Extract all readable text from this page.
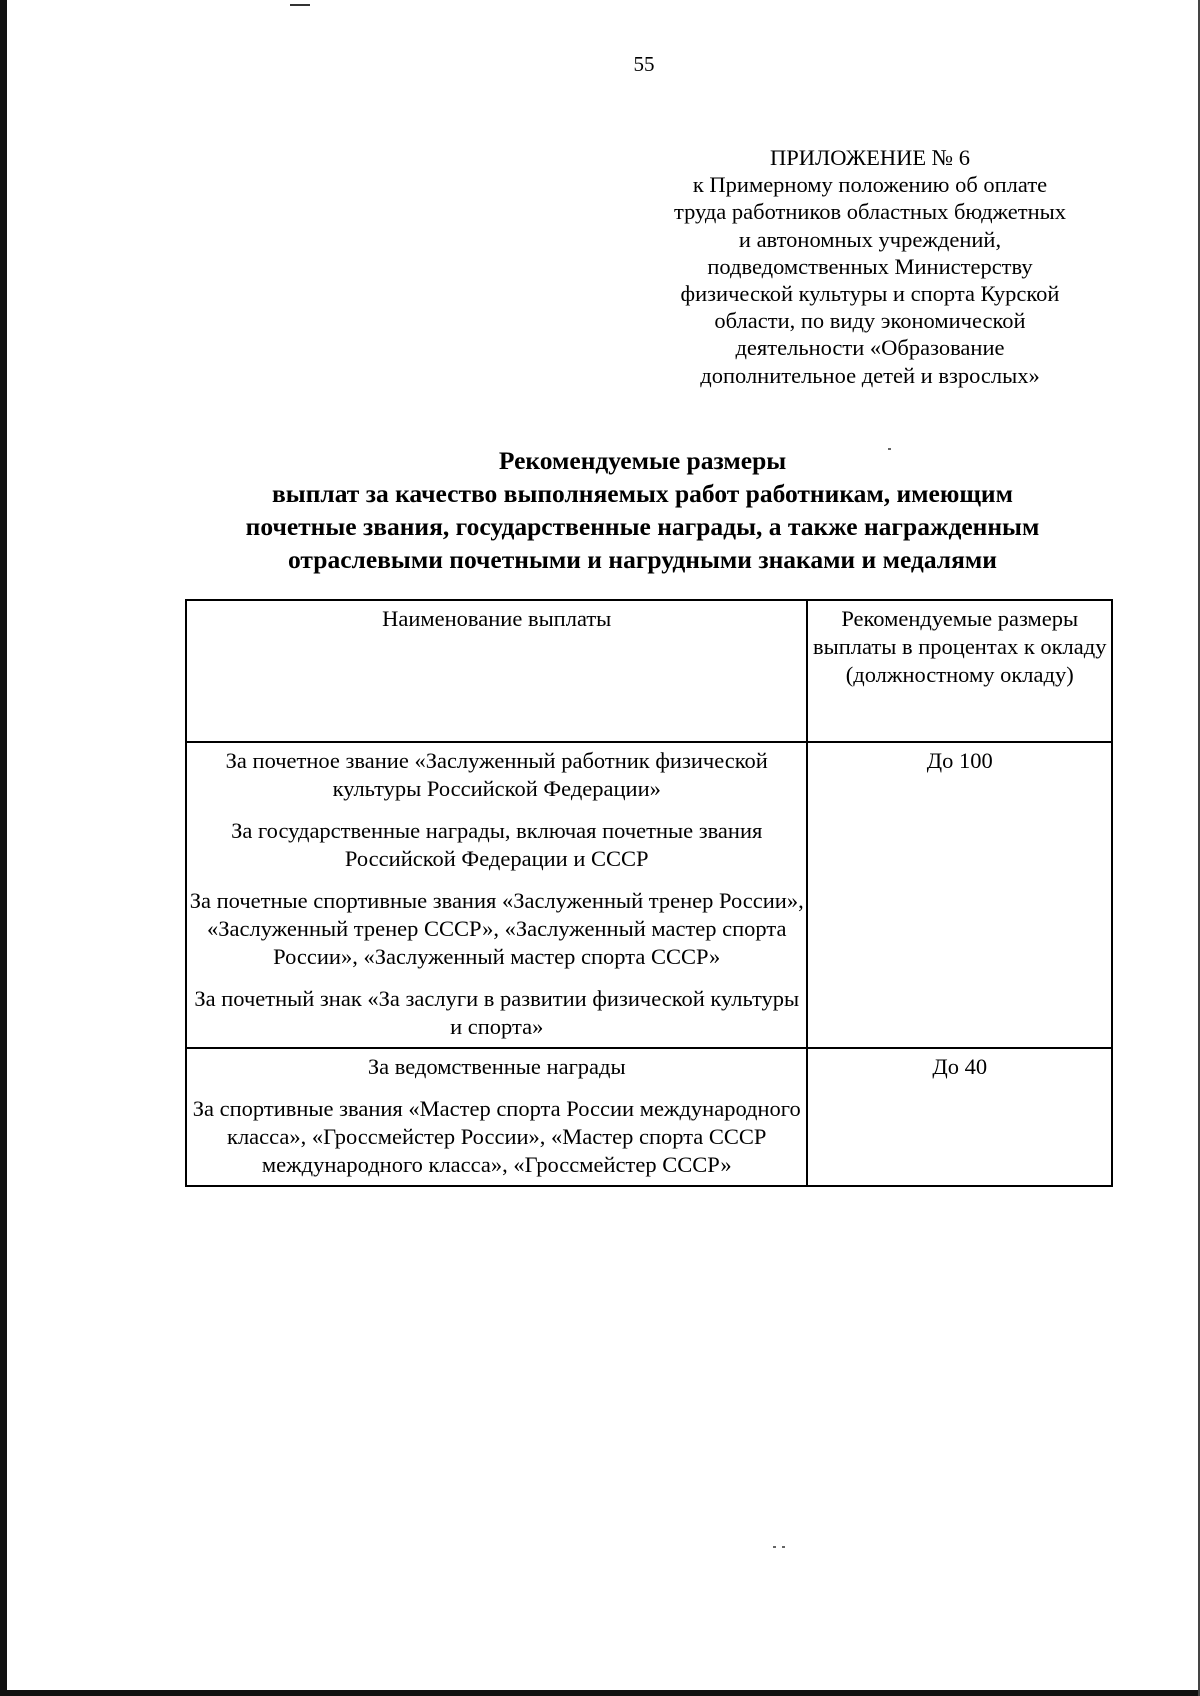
55
ПРИЛОЖЕНИЕ № 6
к Примерному положению об оплате
труда работников областных бюджетных
и автономных учреждений,
подведомственных Министерству
физической культуры и спорта Курской
области, по виду экономической
деятельности «Образование
дополнительное детей и взрослых»
Рекомендуемые размеры
выплат за качество выполняемых работ работникам, имеющим
почетные звания, государственные награды, а также награжденным
отраслевыми почетными и нагрудными знаками и медалями
Наименование выплаты	Рекомендуемые размеры выплаты в процентах к окладу (должностному окладу)

За почетное звание «Заслуженный работник физической культуры Российской Федерации»
За государственные награды, включая почетные звания Российской Федерации и СССР
За почетные спортивные звания «Заслуженный тренер России», «Заслуженный тренер СССР», «Заслуженный мастер спорта России», «Заслуженный мастер спорта СССР»
За почетный знак «За заслуги в развитии физической культуры и спорта»	До 100

За ведомственные награды
За спортивные звания «Мастер спорта России международного класса», «Гроссмейстер России», «Мастер спорта СССР международного класса», «Гроссмейстер СССР»	До 40
